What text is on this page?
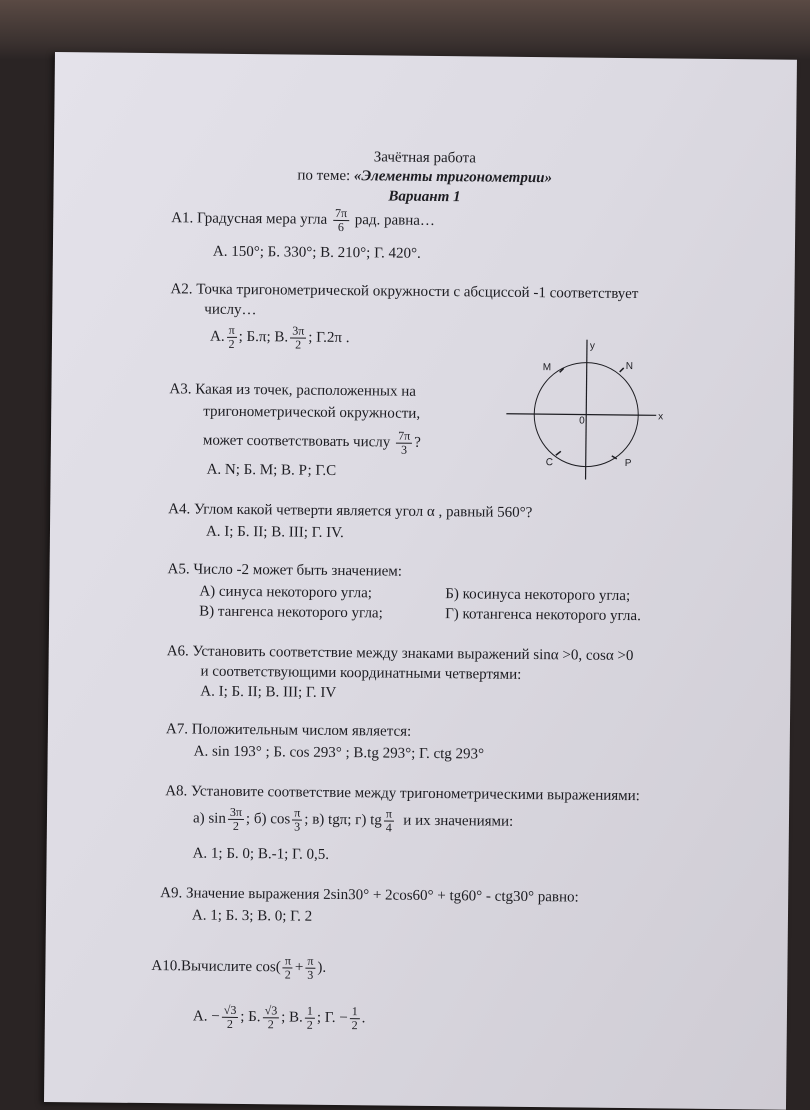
Зачётная работа
по теме: «Элементы тригонометрии»
Вариант 1
А1. Градусная мера угла $\frac{7\pi}{6}$ рад. равна…
А. 150°; Б. 330°; В. 210°; Г. 420°.
А2. Точка тригонометрической окружности с абсциссой -1 соответствует
числу…
А. $\frac{\pi}{2}$ ; Б.π; В. $\frac{3\pi}{2}$ ; Г.2π .
А3. Какая из точек, расположенных на
тригонометрической окружности,
может соответствовать числу $\frac{7\pi}{3}$ ?
А. N; Б. М; В. Р; Г.С
y
x
0
M	N
C	P
А4. Углом какой четверти является угол α , равный 560°?
А. I; Б. II; В. III; Г. IV.
А5. Число -2 может быть значением:
А) синуса некоторого угла;	Б) косинуса некоторого угла;
В) тангенса некоторого угла;	Г) котангенса некоторого угла.
А6. Установить соответствие между знаками выражений sinα >0, cosα >0
и соответствующими координатными четвертями:
А. I; Б. II; В. III; Г. IV
А7. Положительным числом является:
А. sin 193° ; Б. cos 293° ; В.tg 293°; Г. ctg 293°
А8. Установите соответствие между тригонометрическими выражениями:
а) $\sin \frac{3\pi}{2}$ ; б) $\cos \frac{\pi}{3}$ ; в) tgπ; г) tg $\frac{\pi}{4}$ и их значениями:
А. 1; Б. 0; В.-1; Г. 0,5.
А9. Значение выражения 2sin30° + 2cos60° + tg60° - ctg30° равно:
А. 1; Б. 3; В. 0; Г. 2
А10.Вычислите $\cos( \frac{\pi}{2} + \frac{\pi}{3}$ ).
А. − $\frac{√3}{2}$ ; Б. $\frac{√3}{2}$ ; В. $\frac{1}{2}$ ; Г. − $\frac{1}{2}$ .
